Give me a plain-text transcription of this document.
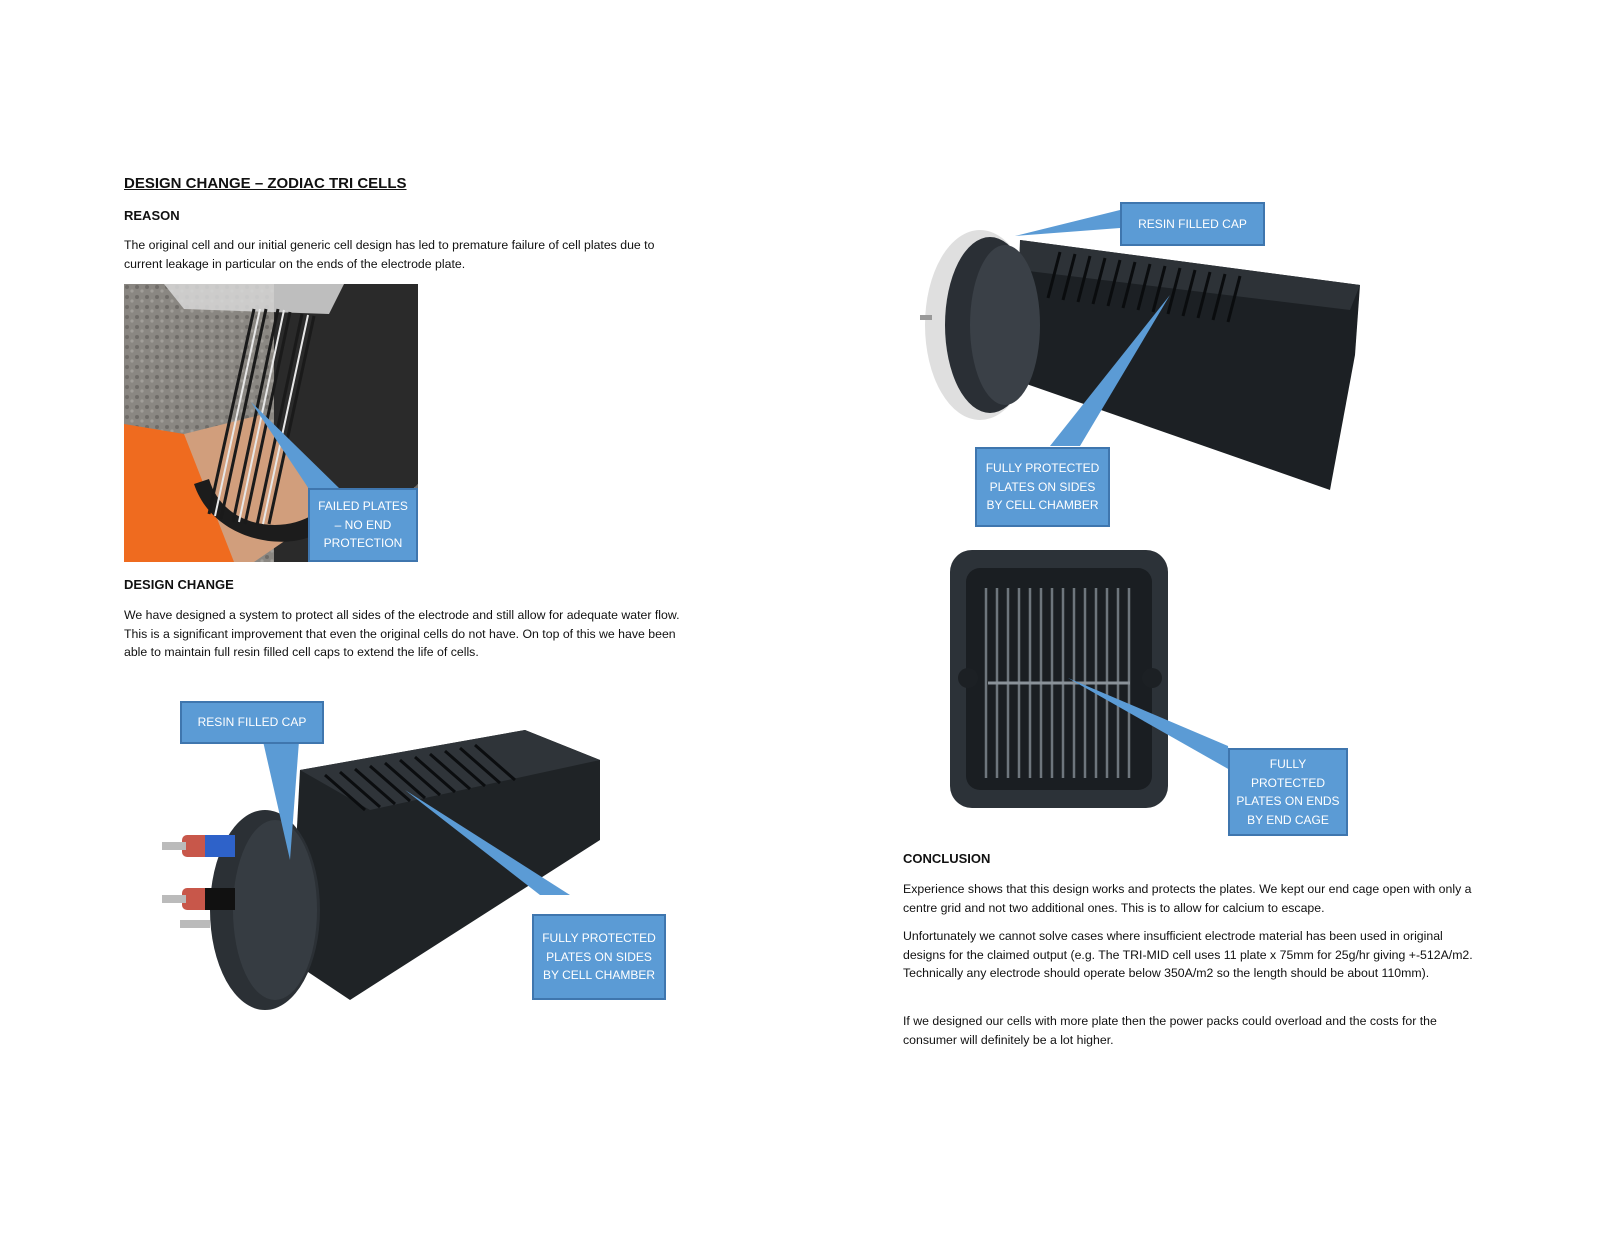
DESIGN CHANGE – ZODIAC TRI CELLS
REASON
The original cell and our initial generic cell design has led to premature failure of cell plates due to current leakage in particular on the ends of the electrode plate.
FAILED PLATES
– NO END
PROTECTION
DESIGN CHANGE
We have designed a system to protect all sides of the electrode and still allow for adequate water flow. This is a significant improvement that even the original cells do not have. On top of this we have been able to maintain full resin filled cell caps to extend the life of cells.
RESIN FILLED CAP
FULLY PROTECTED
PLATES ON SIDES
BY CELL CHAMBER
RESIN FILLED CAP
FULLY PROTECTED
PLATES ON SIDES
BY CELL CHAMBER
FULLY
PROTECTED
PLATES ON ENDS
BY END CAGE
CONCLUSION
Experience shows that this design works and protects the plates. We kept our end cage open with only a centre grid and not two additional ones. This is to allow for calcium to escape.
Unfortunately we cannot solve cases where insufficient electrode material has been used in original designs for the claimed output (e.g. The TRI-MID cell uses 11 plate x 75mm for 25g/hr giving +-512A/m2. Technically any electrode should operate below 350A/m2 so the length should be about 110mm).
If we designed our cells with more plate then the power packs could overload and the costs for the consumer will definitely be a lot higher.
